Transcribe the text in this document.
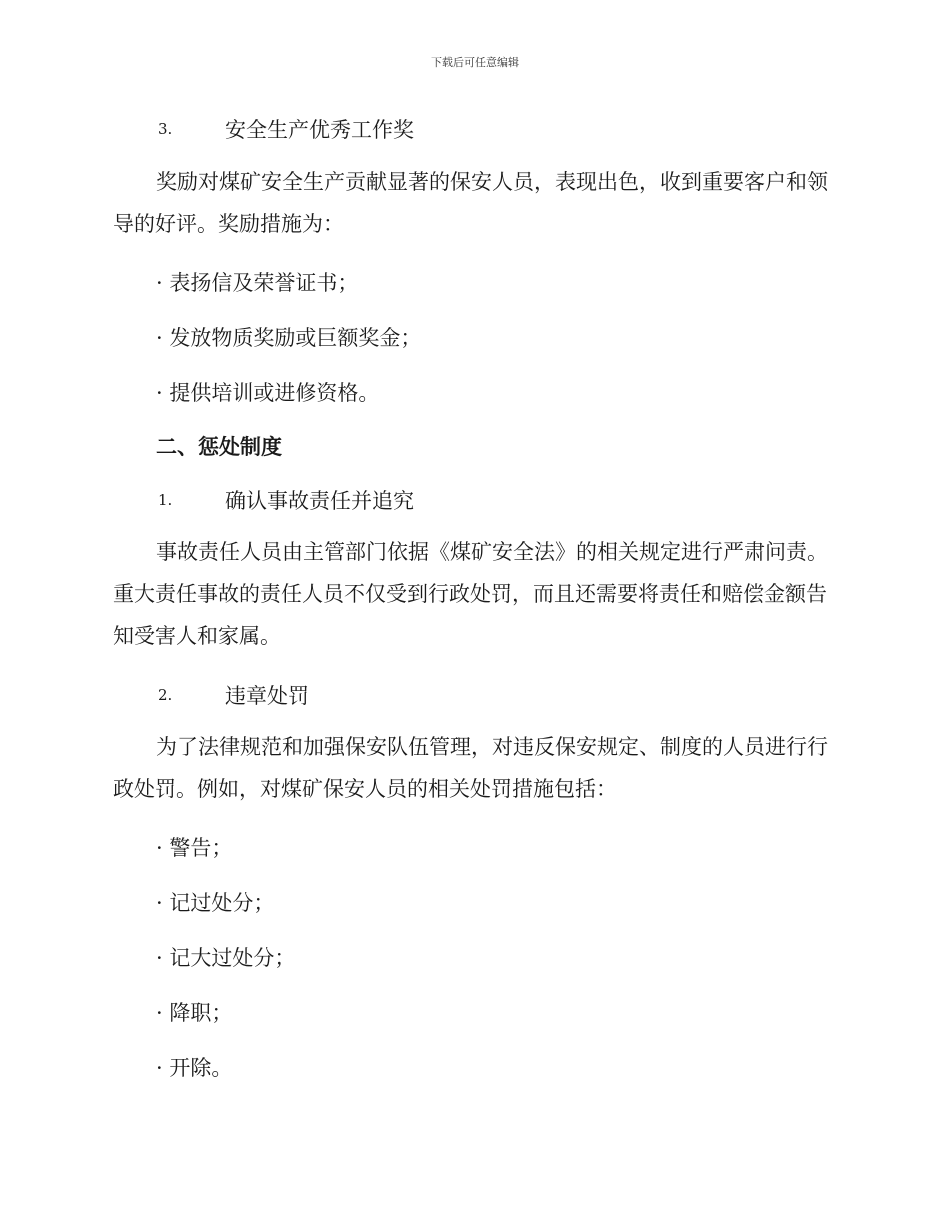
下载后可任意编辑
3.	安全生产优秀工作奖

奖励对煤矿安全生产贡献显著的保安人员，表现出色，收到重要客户和领导的好评。奖励措施为：

· 表扬信及荣誉证书；
· 发放物质奖励或巨额奖金；
· 提供培训或进修资格。
二、惩处制度
1.	确认事故责任并追究

事故责任人员由主管部门依据《煤矿安全法》的相关规定进行严肃问责。重大责任事故的责任人员不仅受到行政处罚，而且还需要将责任和赔偿金额告知受害人和家属。

2.	违章处罚

为了法律规范和加强保安队伍管理，对违反保安规定、制度的人员进行行政处罚。例如，对煤矿保安人员的相关处罚措施包括：

· 警告；
· 记过处分；
· 记大过处分；
· 降职；
· 开除。
